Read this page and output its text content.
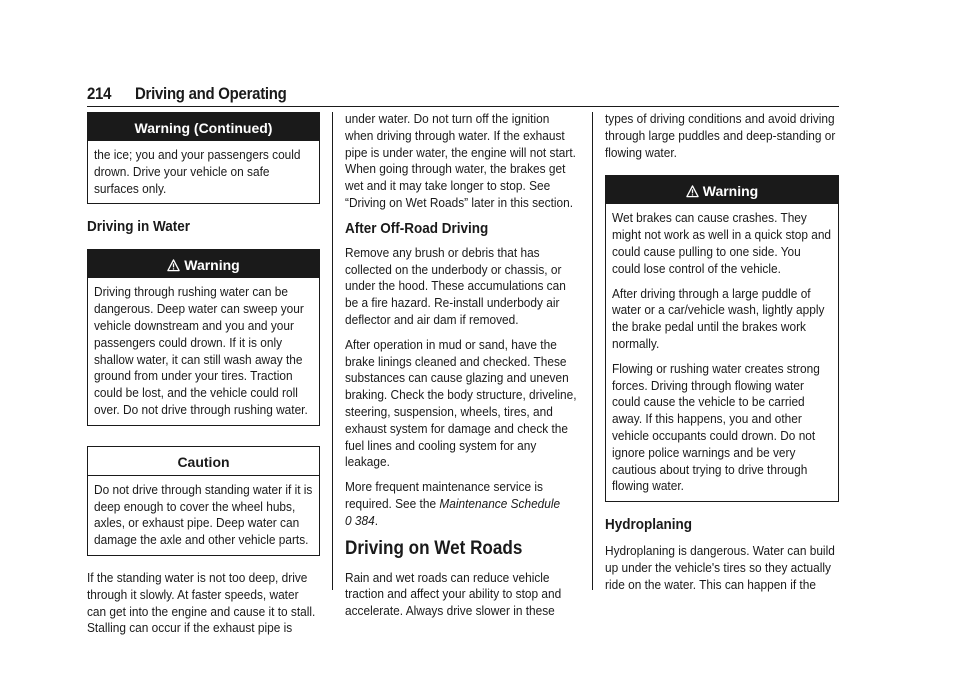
214 Driving and Operating
Warning (Continued)

the ice; you and your passengers could drown. Drive your vehicle on safe surfaces only.

Driving in Water
Warning

Driving through rushing water can be dangerous. Deep water can sweep your vehicle downstream and you and your passengers could drown. If it is only shallow water, it can still wash away the ground from under your tires. Traction could be lost, and the vehicle could roll over. Do not drive through rushing water.

Caution

Do not drive through standing water if it is deep enough to cover the wheel hubs, axles, or exhaust pipe. Deep water can damage the axle and other vehicle parts.

If the standing water is not too deep, drive through it slowly. At faster speeds, water can get into the engine and cause it to stall. Stalling can occur if the exhaust pipe is

under water. Do not turn off the ignition when driving through water. If the exhaust pipe is under water, the engine will not start. When going through water, the brakes get wet and it may take longer to stop. See “Driving on Wet Roads” later in this section.

After Off-Road Driving

Remove any brush or debris that has collected on the underbody or chassis, or under the hood. These accumulations can be a fire hazard. Re-install underbody air deflector and air dam if removed.

After operation in mud or sand, have the brake linings cleaned and checked. These substances can cause glazing and uneven braking. Check the body structure, driveline, steering, suspension, wheels, tires, and exhaust system for damage and check the fuel lines and cooling system for any leakage.

More frequent maintenance service is required. See the Maintenance Schedule
0 384.

Driving on Wet Roads

Rain and wet roads can reduce vehicle traction and affect your ability to stop and accelerate. Always drive slower in these

types of driving conditions and avoid driving through large puddles and deep-standing or flowing water.

Warning

Wet brakes can cause crashes. They might not work as well in a quick stop and could cause pulling to one side. You could lose control of the vehicle.

After driving through a large puddle of water or a car/vehicle wash, lightly apply the brake pedal until the brakes work normally.

Flowing or rushing water creates strong forces. Driving through flowing water could cause the vehicle to be carried away. If this happens, you and other vehicle occupants could drown. Do not ignore police warnings and be very cautious about trying to drive through flowing water.

Hydroplaning

Hydroplaning is dangerous. Water can build up under the vehicle's tires so they actually ride on the water. This can happen if the
